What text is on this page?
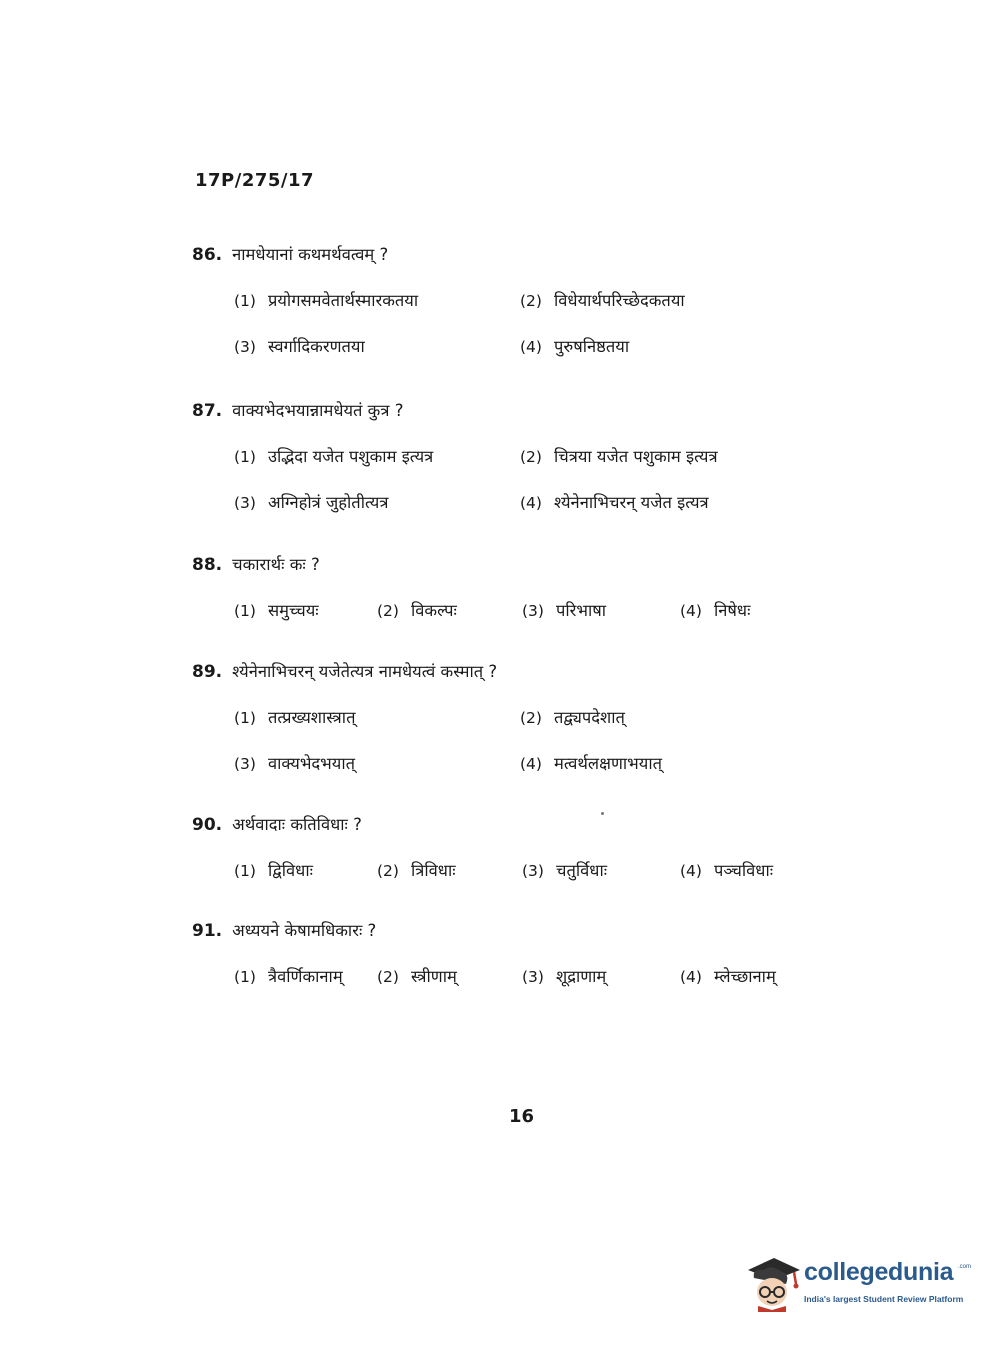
17P/275/17
86. नामधेयानां कथमर्थवत्वम् ?
(1) प्रयोगसमवेतार्थस्मारकतया	(2) विधेयार्थपरिच्छेदकतया
(3) स्वर्गादिकरणतया	(4) पुरुषनिष्ठतया
87. वाक्यभेदभयान्नामधेयतं कुत्र ?
(1) उद्भिदा यजेत पशुकाम इत्यत्र	(2) चित्रया यजेत पशुकाम इत्यत्र
(3) अग्निहोत्रं जुहोतीत्यत्र	(4) श्येनेनाभिचरन् यजेत इत्यत्र
88. चकारार्थः कः ?
(1) समुच्चयः	(2) विकल्पः	(3) परिभाषा	(4) निषेधः
89. श्येनेनाभिचरन् यजेतेत्यत्र नामधेयत्वं कस्मात् ?
(1) तत्प्रख्यशास्त्रात्	(2) तद्व्यपदेशात्
(3) वाक्यभेदभयात्	(4) मत्वर्थलक्षणाभयात्
90. अर्थवादाः कतिविधाः ?
(1) द्विविधाः	(2) त्रिविधाः	(3) चतुर्विधाः	(4) पञ्चविधाः
91. अध्ययने केषामधिकारः ?
(1) त्रैवर्णिकानाम् (2) स्त्रीणाम्	(3) शूद्राणाम्	(4) म्लेच्छानाम्
16
collegedunia .com
India's largest Student Review Platform
